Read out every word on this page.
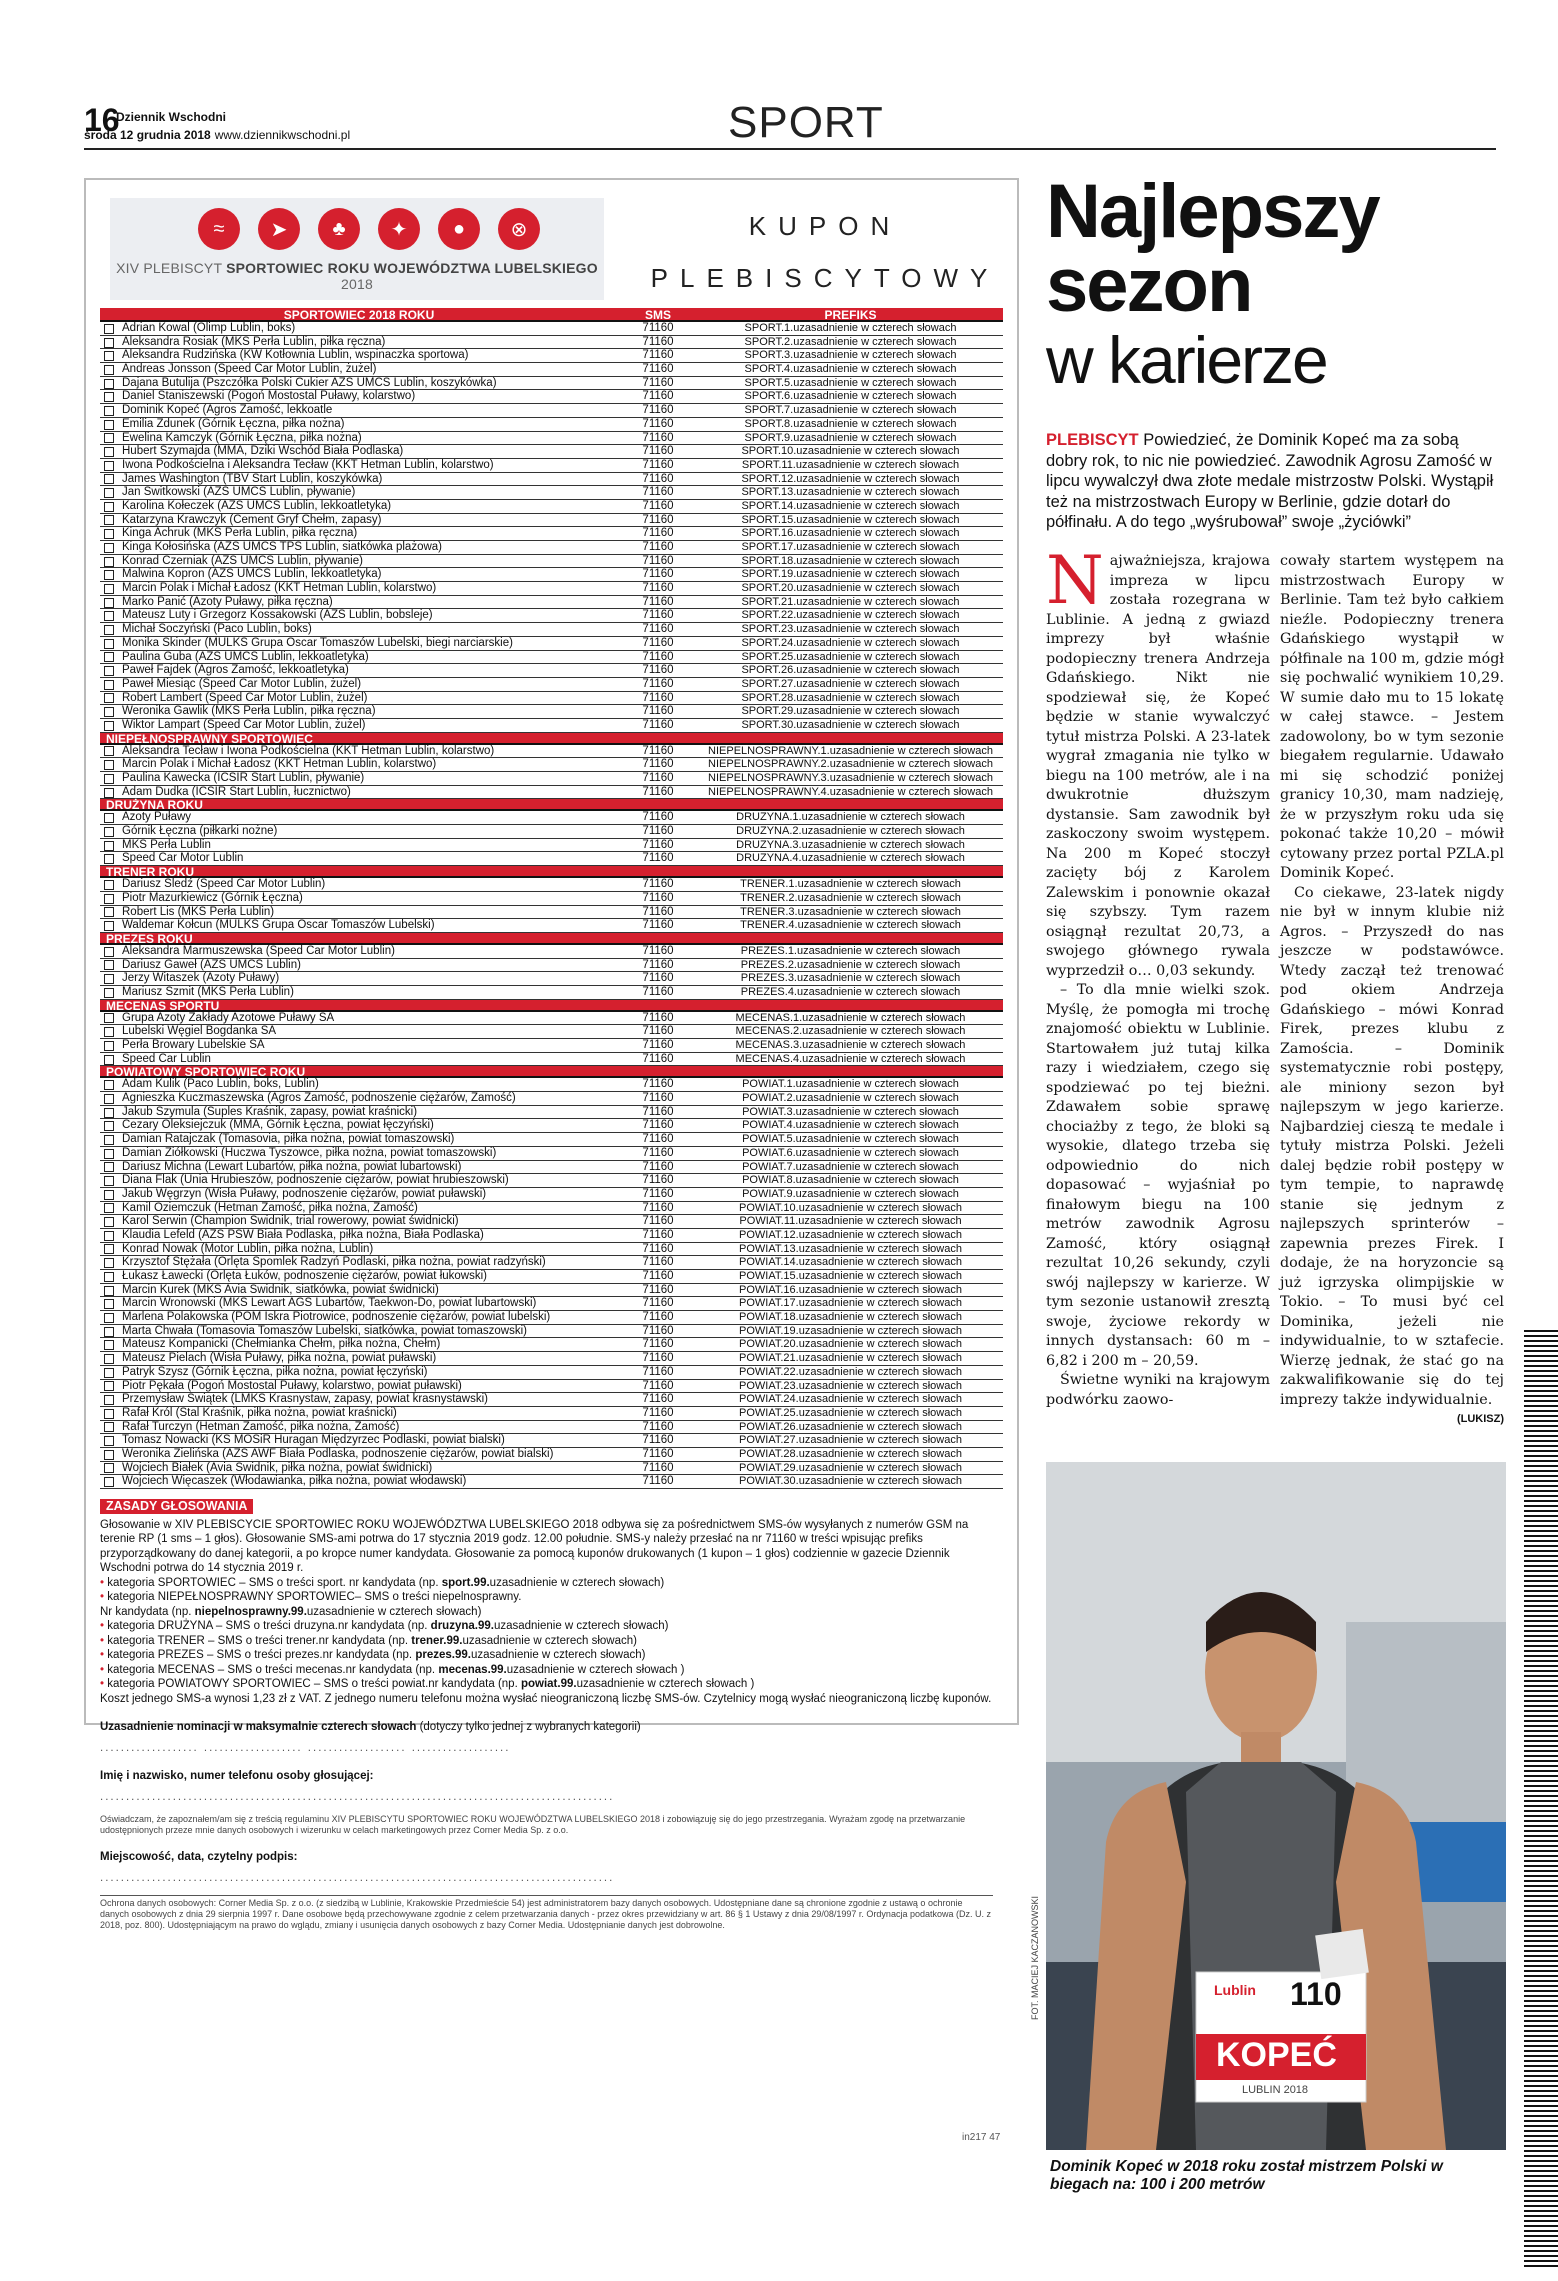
16
Dziennik Wschodni
środa 12 grudnia 2018 www.dziennikwschodni.pl	SPORT
≈	➤	♣	✦	●	⊗
XIV PLEBISCYT SPORTOWIEC ROKU WOJEWÓDZTWA LUBELSKIEGO 2018
KUPON
PLEBISCYTOWY
SPORTOWIEC 2018 ROKU	SMS	PREFIKS
Adrian Kowal (Olimp Lublin, boks)	71160	SPORT.1.uzasadnienie w czterech słowach
Aleksandra Rosiak (MKS Perła Lublin, piłka ręczna)	71160	SPORT.2.uzasadnienie w czterech słowach
Aleksandra Rudzińska (KW Kotłownia Lublin, wspinaczka sportowa)	71160	SPORT.3.uzasadnienie w czterech słowach
Andreas Jonsson (Speed Car Motor Lublin, żużel)	71160	SPORT.4.uzasadnienie w czterech słowach
Dajana Butulija (Pszczółka Polski Cukier AZS UMCS Lublin, koszykówka)	71160	SPORT.5.uzasadnienie w czterech słowach
Daniel Staniszewski (Pogoń Mostostal Puławy, kolarstwo)	71160	SPORT.6.uzasadnienie w czterech słowach
Dominik Kopeć (Agros Zamość, lekkoatle	71160	SPORT.7.uzasadnienie w czterech słowach
Emilia Zdunek (Górnik Łęczna, piłka nożna)	71160	SPORT.8.uzasadnienie w czterech słowach
Ewelina Kamczyk (Górnik Łęczna, piłka nożna)	71160	SPORT.9.uzasadnienie w czterech słowach
Hubert Szymajda (MMA, Dziki Wschód Biała Podlaska)	71160	SPORT.10.uzasadnienie w czterech słowach
Iwona Podkościelna i Aleksandra Tecław (KKT Hetman Lublin, kolarstwo)	71160	SPORT.11.uzasadnienie w czterech słowach
James Washington (TBV Start Lublin, koszykówka)	71160	SPORT.12.uzasadnienie w czterech słowach
Jan Switkowski (AZS UMCS Lublin, pływanie)	71160	SPORT.13.uzasadnienie w czterech słowach
Karolina Kołeczek (AZS UMCS Lublin, lekkoatletyka)	71160	SPORT.14.uzasadnienie w czterech słowach
Katarzyna Krawczyk (Cement Gryf Chełm, zapasy)	71160	SPORT.15.uzasadnienie w czterech słowach
Kinga Achruk (MKS Perła Lublin, piłka ręczna)	71160	SPORT.16.uzasadnienie w czterech słowach
Kinga Kołosińska (AZS UMCS TPS Lublin, siatkówka plażowa)	71160	SPORT.17.uzasadnienie w czterech słowach
Konrad Czerniak (AZS UMCS Lublin, pływanie)	71160	SPORT.18.uzasadnienie w czterech słowach
Malwina Kopron (AZS UMCS Lublin, lekkoatletyka)	71160	SPORT.19.uzasadnienie w czterech słowach
Marcin Polak i Michał Ładosz (KKT Hetman Lublin, kolarstwo)	71160	SPORT.20.uzasadnienie w czterech słowach
Marko Panić (Azoty Puławy, piłka ręczna)	71160	SPORT.21.uzasadnienie w czterech słowach
Mateusz Luty i Grzegorz Kossakowski (AZS Lublin, bobsleje)	71160	SPORT.22.uzasadnienie w czterech słowach
Michał Soczyński (Paco Lublin, boks)	71160	SPORT.23.uzasadnienie w czterech słowach
Monika Skinder (MULKS Grupa Oscar Tomaszów Lubelski, biegi narciarskie)	71160	SPORT.24.uzasadnienie w czterech słowach
Paulina Guba (AZS UMCS Lublin, lekkoatletyka)	71160	SPORT.25.uzasadnienie w czterech słowach
Paweł Fajdek (Agros Zamość, lekkoatletyka)	71160	SPORT.26.uzasadnienie w czterech słowach
Paweł Miesiąc (Speed Car Motor Lublin, żużel)	71160	SPORT.27.uzasadnienie w czterech słowach
Robert Lambert (Speed Car Motor Lublin, żużel)	71160	SPORT.28.uzasadnienie w czterech słowach
Weronika Gawlik (MKS Perła Lublin, piłka ręczna)	71160	SPORT.29.uzasadnienie w czterech słowach
Wiktor Lampart (Speed Car Motor Lublin, żużel)	71160	SPORT.30.uzasadnienie w czterech słowach
NIEPEŁNOSPRAWNY SPORTOWIEC
Aleksandra Tecław i Iwona Podkościelna (KKT Hetman Lublin, kolarstwo)	71160	NIEPELNOSPRAWNY.1.uzasadnienie w czterech słowach
Marcin Polak i Michał Ładosz (KKT Hetman Lublin, kolarstwo)	71160	NIEPELNOSPRAWNY.2.uzasadnienie w czterech słowach
Paulina Kawecka (ICSIR Start Lublin, pływanie)	71160	NIEPELNOSPRAWNY.3.uzasadnienie w czterech słowach
Adam Dudka (ICSIR Start Lublin, łucznictwo)	71160	NIEPELNOSPRAWNY.4.uzasadnienie w czterech słowach
DRUŻYNA ROKU
Azoty Puławy	71160	DRUZYNA.1.uzasadnienie w czterech słowach
Górnik Łęczna (piłkarki nożne)	71160	DRUZYNA.2.uzasadnienie w czterech słowach
MKS Perła Lublin	71160	DRUZYNA.3.uzasadnienie w czterech słowach
Speed Car Motor Lublin	71160	DRUZYNA.4.uzasadnienie w czterech słowach
TRENER ROKU
Dariusz Śledź (Speed Car Motor Lublin)	71160	TRENER.1.uzasadnienie w czterech słowach
Piotr Mazurkiewicz (Górnik Łęczna)	71160	TRENER.2.uzasadnienie w czterech słowach
Robert Lis (MKS Perła Lublin)	71160	TRENER.3.uzasadnienie w czterech słowach
Waldemar Kołcun (MULKS Grupa Oscar Tomaszów Lubelski)	71160	TRENER.4.uzasadnienie w czterech słowach
PREZES ROKU
Aleksandra Marmuszewska (Speed Car Motor Lublin)	71160	PREZES.1.uzasadnienie w czterech słowach
Dariusz Gaweł (AZS UMCS Lublin)	71160	PREZES.2.uzasadnienie w czterech słowach
Jerzy Witaszek (Azoty Puławy)	71160	PREZES.3.uzasadnienie w czterech słowach
Mariusz Szmit (MKS Perła Lublin)	71160	PREZES.4.uzasadnienie w czterech słowach
MECENAS SPORTU
Grupa Azoty Zakłady Azotowe Puławy SA	71160	MECENAS.1.uzasadnienie w czterech słowach
Lubelski Węgiel Bogdanka SA	71160	MECENAS.2.uzasadnienie w czterech słowach
Perła Browary Lubelskie SA	71160	MECENAS.3.uzasadnienie w czterech słowach
Speed Car Lublin	71160	MECENAS.4.uzasadnienie w czterech słowach
POWIATOWY SPORTOWIEC ROKU
Adam Kulik (Paco Lublin, boks, Lublin)	71160	POWIAT.1.uzasadnienie w czterech słowach
Agnieszka Kuczmaszewska (Agros Zamość, podnoszenie ciężarów, Zamość)	71160	POWIAT.2.uzasadnienie w czterech słowach
Jakub Szymula (Suples Kraśnik, zapasy, powiat kraśnicki)	71160	POWIAT.3.uzasadnienie w czterech słowach
Cezary Oleksiejczuk (MMA, Górnik Łęczna, powiat łęczyński)	71160	POWIAT.4.uzasadnienie w czterech słowach
Damian Ratajczak (Tomasovia, piłka nożna, powiat tomaszowski)	71160	POWIAT.5.uzasadnienie w czterech słowach
Damian Ziółkowski (Huczwa Tyszowce, piłka nożna, powiat tomaszowski)	71160	POWIAT.6.uzasadnienie w czterech słowach
Dariusz Michna (Lewart Lubartów, piłka nożna, powiat lubartowski)	71160	POWIAT.7.uzasadnienie w czterech słowach
Diana Flak (Unia Hrubieszów, podnoszenie ciężarów, powiat hrubieszowski)	71160	POWIAT.8.uzasadnienie w czterech słowach
Jakub Węgrzyn (Wisła Puławy, podnoszenie ciężarów, powiat puławski)	71160	POWIAT.9.uzasadnienie w czterech słowach
Kamil Oziemczuk (Hetman Zamość, piłka nożna, Zamość)	71160	POWIAT.10.uzasadnienie w czterech słowach
Karol Serwin (Champion Świdnik, trial rowerowy, powiat świdnicki)	71160	POWIAT.11.uzasadnienie w czterech słowach
Klaudia Lefeld (AZS PSW Biała Podlaska, piłka nożna, Biała Podlaska)	71160	POWIAT.12.uzasadnienie w czterech słowach
Konrad Nowak (Motor Lublin, piłka nożna, Lublin)	71160	POWIAT.13.uzasadnienie w czterech słowach
Krzysztof Stężała (Orlęta Spomlek Radzyń Podlaski, piłka nożna, powiat radzyński)	71160	POWIAT.14.uzasadnienie w czterech słowach
Łukasz Ławecki (Orlęta Łuków, podnoszenie ciężarów, powiat łukowski)	71160	POWIAT.15.uzasadnienie w czterech słowach
Marcin Kurek (MKS Avia Świdnik, siatkówka, powiat świdnicki)	71160	POWIAT.16.uzasadnienie w czterech słowach
Marcin Wronowski (MKS Lewart AGS Lubartów, Taekwon-Do, powiat lubartowski)	71160	POWIAT.17.uzasadnienie w czterech słowach
Marlena Polakowska (POM Iskra Piotrowice, podnoszenie ciężarów, powiat lubelski)	71160	POWIAT.18.uzasadnienie w czterech słowach
Marta Chwała (Tomasovia Tomaszów Lubelski, siatkówka, powiat tomaszowski)	71160	POWIAT.19.uzasadnienie w czterech słowach
Mateusz Kompanicki (Chełmianka Chełm, piłka nożna, Chełm)	71160	POWIAT.20.uzasadnienie w czterech słowach
Mateusz Pielach (Wisła Puławy, piłka nożna, powiat puławski)	71160	POWIAT.21.uzasadnienie w czterech słowach
Patryk Szysz (Górnik Łęczna, piłka nożna, powiat łęczyński)	71160	POWIAT.22.uzasadnienie w czterech słowach
Piotr Pękała (Pogoń Mostostal Puławy, kolarstwo, powiat puławski)	71160	POWIAT.23.uzasadnienie w czterech słowach
Przemysław Świątek (LMKS Krasnystaw, zapasy, powiat krasnystawski)	71160	POWIAT.24.uzasadnienie w czterech słowach
Rafał Król (Stal Kraśnik, piłka nożna, powiat kraśnicki)	71160	POWIAT.25.uzasadnienie w czterech słowach
Rafał Turczyn (Hetman Zamość, piłka nożna, Zamość)	71160	POWIAT.26.uzasadnienie w czterech słowach
Tomasz Nowacki (KS MOSiR Huragan Międzyrzec Podlaski, powiat bialski)	71160	POWIAT.27.uzasadnienie w czterech słowach
Weronika Zielińska (AZS AWF Biała Podlaska, podnoszenie ciężarów, powiat bialski)	71160	POWIAT.28.uzasadnienie w czterech słowach
Wojciech Białek (Avia Świdnik, piłka nożna, powiat świdnicki)	71160	POWIAT.29.uzasadnienie w czterech słowach
Wojciech Więcaszek (Włodawianka, piłka nożna, powiat włodawski)	71160	POWIAT.30.uzasadnienie w czterech słowach
ZASADY GŁOSOWANIA
Głosowanie w XIV PLEBISCYCIE SPORTOWIEC ROKU WOJEWÓDZTWA LUBELSKIEGO 2018 odbywa się za pośrednictwem SMS-ów wysyłanych z numerów GSM na terenie RP (1 sms – 1 głos). Głosowanie SMS-ami potrwa do 17 stycznia 2019 godz. 12.00 południe. SMS-y należy przesłać na nr 71160 w treści wpisując prefiks przyporządkowany do danej kategorii, a po kropce numer kandydata. Głosowanie za pomocą kuponów drukowanych (1 kupon – 1 głos) codziennie w gazecie Dziennik Wschodni potrwa do 14 stycznia 2019 r.
• kategoria SPORTOWIEC – SMS o treści sport. nr kandydata (np. sport.99.uzasadnienie w czterech słowach)
• kategoria NIEPEŁNOSPRAWNY SPORTOWIEC– SMS o treści niepelnosprawny.
Nr kandydata (np. niepelnosprawny.99.uzasadnienie w czterech słowach)
• kategoria DRUŻYNA – SMS o treści druzyna.nr kandydata (np. druzyna.99.uzasadnienie w czterech słowach)
• kategoria TRENER – SMS o treści trener.nr kandydata (np. trener.99.uzasadnienie w czterech słowach)
• kategoria PREZES – SMS o treści prezes.nr kandydata (np. prezes.99.uzasadnienie w czterech słowach)
• kategoria MECENAS – SMS o treści mecenas.nr kandydata (np. mecenas.99.uzasadnienie w czterech słowach )
• kategoria POWIATOWY SPORTOWIEC – SMS o treści powiat.nr kandydata (np. powiat.99.uzasadnienie w czterech słowach )
Koszt jednego SMS-a wynosi 1,23 zł z VAT. Z jednego numeru telefonu można wysłać nieograniczoną liczbę SMS-ów. Czytelnicy mogą wysłać nieograniczoną liczbę kuponów.
Uzasadnienie nominacji w maksymalnie czterech słowach (dotyczy tylko jednej z wybranych kategorii)
................... ................... ................... ...................
Imię i nazwisko, numer telefonu osoby głosującej:
...................................................................................................
Oświadczam, że zapoznałem/am się z treścią regulaminu XIV PLEBISCYTU SPORTOWIEC ROKU WOJEWÓDZTWA LUBELSKIEGO 2018 i zobowiązuję się do jego przestrzegania. Wyrażam zgodę na przetwarzanie udostępnionych przeze mnie danych osobowych i wizerunku w celach marketingowych przez Corner Media Sp. z o.o.
Miejscowość, data, czytelny podpis:
...................................................................................................
Ochrona danych osobowych: Corner Media Sp. z o.o. (z siedzibą w Lublinie, Krakowskie Przedmieście 54) jest administratorem bazy danych osobowych. Udostępniane dane są chronione zgodnie z ustawą o ochronie danych osobowych z dnia 29 sierpnia 1997 r. Dane osobowe będą przechowywane zgodnie z celem przetwarzania danych - przez okres przewidziany w art. 86 § 1 Ustawy z dnia 29/08/1997 r. Ordynacja podatkowa (Dz. U. z 2018, poz. 800). Udostępniającym na prawo do wglądu, zmiany i usunięcia danych osobowych z bazy Corner Media. Udostępnianie danych jest dobrowolne.
in217 47
Najlepszy
sezon
w karierze
PLEBISCYT Powiedzieć, że Dominik Kopeć ma za sobą dobry rok, to nic nie powiedzieć. Zawodnik Agrosu Zamość w lipcu wywalczył dwa złote medale mistrzostw Polski. Wystąpił też na mistrzostwach Europy w Berlinie, gdzie dotarł do półfinału. A do tego „wyśrubował” swoje „życiówki”

Najważniejsza, krajowa impreza w lipcu została rozegrana w Lublinie. A jedną z gwiazd imprezy był właśnie podopieczny trenera Andrzeja Gdańskiego. Nikt nie spodziewał się, że Kopeć będzie w stanie wywalczyć tytuł mistrza Polski. A 23-latek wygrał zmagania nie tylko w biegu na 100 metrów, ale i na dwukrotnie dłuższym dystansie. Sam zawodnik był zaskoczony swoim występem. Na 200 m Kopeć stoczył zacięty bój z Karolem Zalewskim i ponownie okazał się szybszy. Tym razem osiągnął rezultat 20,73, a swojego głównego rywala wyprzedził o… 0,03 sekundy.

– To dla mnie wielki szok. Myślę, że pomogła mi trochę znajomość obiektu w Lublinie. Startowałem już tutaj kilka razy i wiedziałem, czego się spodziewać po tej bieżni. Zdawałem sobie sprawę chociażby z tego, że bloki są wysokie, dlatego trzeba się odpowiednio do nich dopasować – wyjaśniał po finałowym biegu na 100 metrów zawodnik Agrosu Zamość, który osiągnął rezultat 10,26 sekundy, czyli swój najlepszy w karierze. W tym sezonie ustanowił zresztą swoje, życiowe rekordy w innych dystansach: 60 m – 6,82 i 200 m – 20,59.

Świetne wyniki na krajowym podwórku zaowo-

cowały startem występem na mistrzostwach Europy w Berlinie. Tam też było całkiem nieźle. Podopieczny trenera Gdańskiego wystąpił w półfinale na 100 m, gdzie mógł się pochwalić wynikiem 10,29. W sumie dało mu to 15 lokatę w całej stawce. – Jestem zadowolony, bo w tym sezonie biegałem regularnie. Udawało mi się schodzić poniżej granicy 10,30, mam nadzieję, że w przyszłym roku uda się pokonać także 10,20 – mówił cytowany przez portal PZLA.pl Dominik Kopeć.

Co ciekawe, 23-latek nigdy nie był w innym klubie niż Agros. – Przyszedł do nas jeszcze w podstawówce. Wtedy zaczął też trenować pod okiem Andrzeja Gdańskiego – mówi Konrad Firek, prezes klubu z Zamościa. – Dominik systematycznie robi postępy, ale miniony sezon był najlepszym w jego karierze. Najbardziej cieszą te medale i tytuły mistrza Polski. Jeżeli dalej będzie robił postępy w tym tempie, to naprawdę stanie się jednym z najlepszych sprinterów – zapewnia prezes Firek. I dodaje, że na horyzoncie są już igrzyska olimpijskie w Tokio. – To musi być cel Dominika, jeżeli nie indywidualnie, to w sztafecie. Wierzę jednak, że stać go na zakwalifikowanie się do tej imprezy także indywidualnie.

(LUKISZ)
Lublin 110
KOPEĆ
LUBLIN 2018
FOT. MACIEJ KACZANOWSKI
Dominik Kopeć w 2018 roku został mistrzem Polski w biegach na: 100 i 200 metrów
